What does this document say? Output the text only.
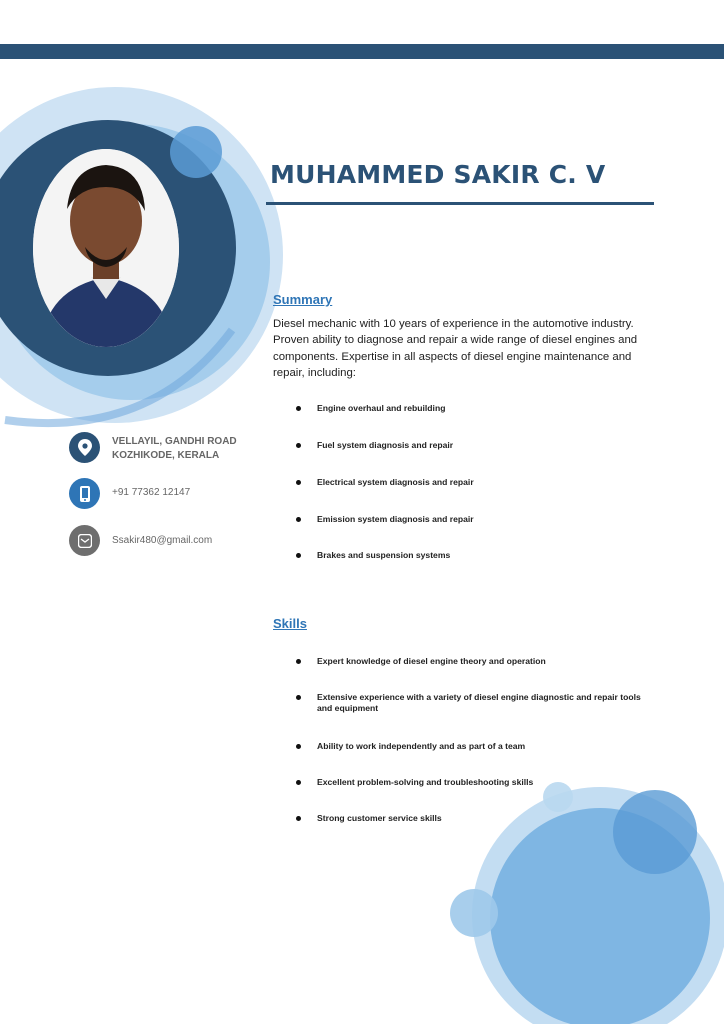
MUHAMMED SAKIR C. V

VELLAYIL, GANDHI ROAD
KOZHIKODE, KERALA

+91 77362 12147

Ssakir480@gmail.com

Summary

Diesel mechanic with 10 years of experience in the automotive industry. Proven ability to diagnose and repair a wide range of diesel engines and components. Expertise in all aspects of diesel engine maintenance and repair, including:

Engine overhaul and rebuilding
Fuel system diagnosis and repair
Electrical system diagnosis and repair
Emission system diagnosis and repair
Brakes and suspension systems
Skills
Expert knowledge of diesel engine theory and operation
Extensive experience with a variety of diesel engine diagnostic and repair tools and equipment
Ability to work independently and as part of a team
Excellent problem-solving and troubleshooting skills
Strong customer service skills
